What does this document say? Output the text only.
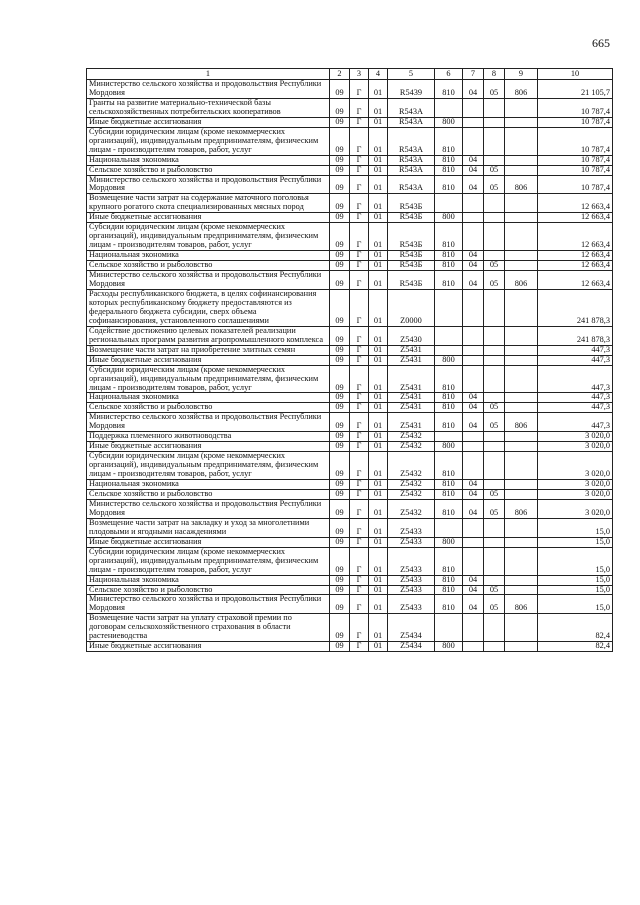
665
1	2	3	4	5	6	7	8	9	10
Министерство сельского хозяйства и продовольствия Республики Мордовия	09	Г	01	R5439	810	04	05	806	21 105,7
Гранты на развитие материально-технической базы сельскохозяйственных потребительских кооперативов	09	Г	01	R543А					10 787,4
Иные бюджетные ассигнования	09	Г	01	R543А	800				10 787,4
Субсидии юридическим лицам (кроме некоммерческих организаций), индивидуальным предпринимателям, физическим лицам - производителям товаров, работ, услуг	09	Г	01	R543А	810				10 787,4
Национальная экономика	09	Г	01	R543А	810	04			10 787,4
Сельское хозяйство и рыболовство	09	Г	01	R543А	810	04	05		10 787,4
Министерство сельского хозяйства и продовольствия Республики Мордовия	09	Г	01	R543А	810	04	05	806	10 787,4
Возмещение части затрат на содержание маточного поголовья крупного рогатого скота специализированных мясных пород	09	Г	01	R543Б					12 663,4
Иные бюджетные ассигнования	09	Г	01	R543Б	800				12 663,4
Субсидии юридическим лицам (кроме некоммерческих организаций), индивидуальным предпринимателям, физическим лицам - производителям товаров, работ, услуг	09	Г	01	R543Б	810				12 663,4
Национальная экономика	09	Г	01	R543Б	810	04			12 663,4
Сельское хозяйство и рыболовство	09	Г	01	R543Б	810	04	05		12 663,4
Министерство сельского хозяйства и продовольствия Республики Мордовия	09	Г	01	R543Б	810	04	05	806	12 663,4
Расходы республиканского бюджета, в целях софинансирования которых республиканскому бюджету предоставляются из федерального бюджета субсидии, сверх объема софинансирования, установленного соглашениями	09	Г	01	Z0000					241 878,3
Содействие достижению целевых показателей реализации региональных программ развития агропромышленного комплекса	09	Г	01	Z5430					241 878,3
Возмещение части затрат на приобретение элитных семян	09	Г	01	Z5431					447,3
Иные бюджетные ассигнования	09	Г	01	Z5431	800				447,3
Субсидии юридическим лицам (кроме некоммерческих организаций), индивидуальным предпринимателям, физическим лицам - производителям товаров, работ, услуг	09	Г	01	Z5431	810				447,3
Национальная экономика	09	Г	01	Z5431	810	04			447,3
Сельское хозяйство и рыболовство	09	Г	01	Z5431	810	04	05		447,3
Министерство сельского хозяйства и продовольствия Республики Мордовия	09	Г	01	Z5431	810	04	05	806	447,3
Поддержка племенного животноводства	09	Г	01	Z5432					3 020,0
Иные бюджетные ассигнования	09	Г	01	Z5432	800				3 020,0
Субсидии юридическим лицам (кроме некоммерческих организаций), индивидуальным предпринимателям, физическим лицам - производителям товаров, работ, услуг	09	Г	01	Z5432	810				3 020,0
Национальная экономика	09	Г	01	Z5432	810	04			3 020,0
Сельское хозяйство и рыболовство	09	Г	01	Z5432	810	04	05		3 020,0
Министерство сельского хозяйства и продовольствия Республики Мордовия	09	Г	01	Z5432	810	04	05	806	3 020,0
Возмещение части затрат на закладку и уход за многолетними плодовыми и ягодными насаждениями	09	Г	01	Z5433					15,0
Иные бюджетные ассигнования	09	Г	01	Z5433	800				15,0
Субсидии юридическим лицам (кроме некоммерческих организаций), индивидуальным предпринимателям, физическим лицам - производителям товаров, работ, услуг	09	Г	01	Z5433	810				15,0
Национальная экономика	09	Г	01	Z5433	810	04			15,0
Сельское хозяйство и рыболовство	09	Г	01	Z5433	810	04	05		15,0
Министерство сельского хозяйства и продовольствия Республики Мордовия	09	Г	01	Z5433	810	04	05	806	15,0
Возмещение части затрат на уплату страховой премии по договорам сельскохозяйственного страхования в области растениеводства	09	Г	01	Z5434					82,4
Иные бюджетные ассигнования	09	Г	01	Z5434	800				82,4
